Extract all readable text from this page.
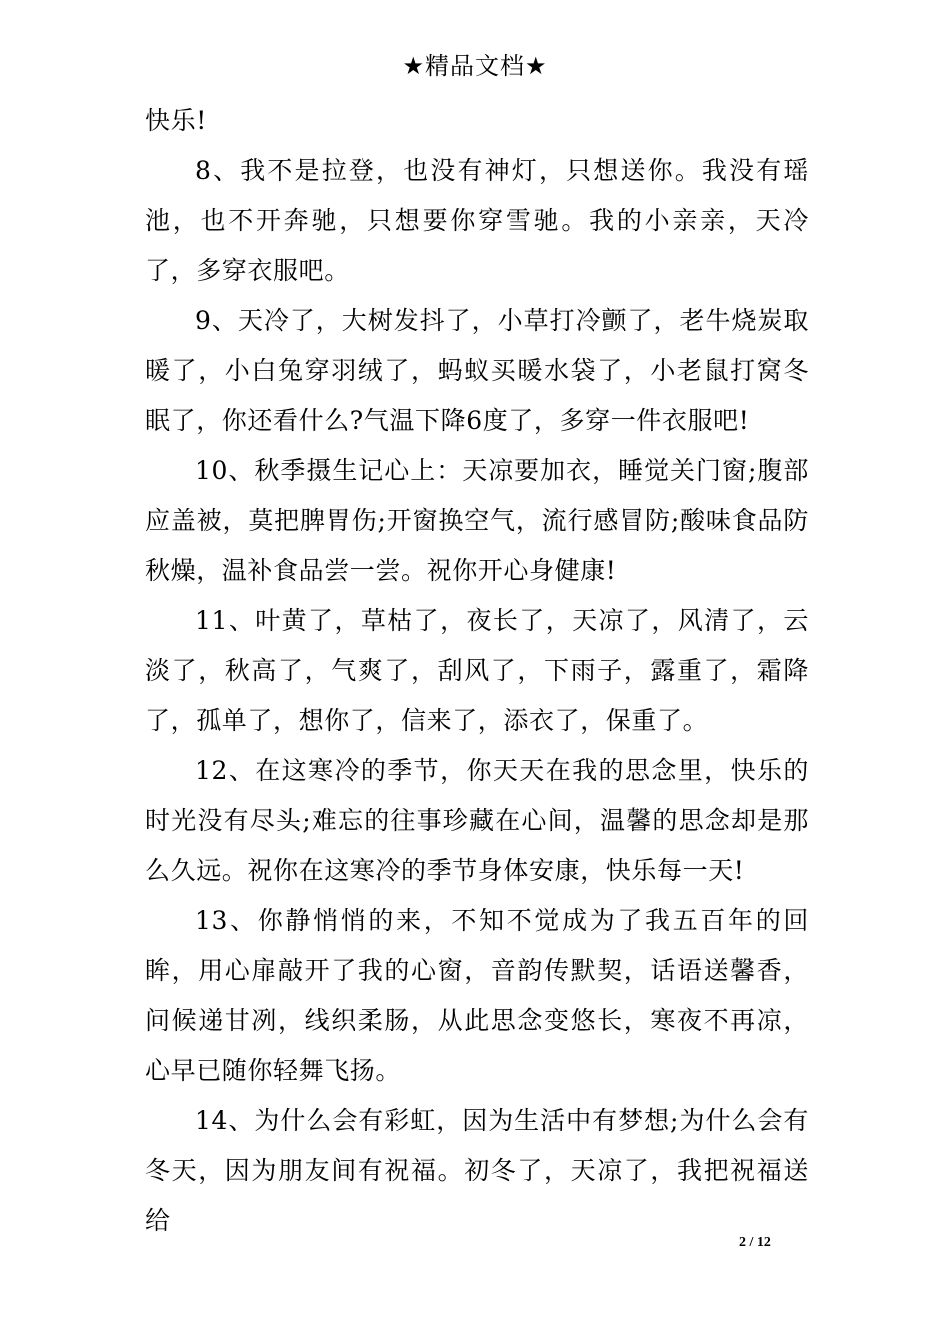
★精品文档★

快乐!

8、我不是拉登，也没有神灯，只想送你。我没有瑶池，也不开奔驰，只想要你穿雪驰。我的小亲亲，天冷了，多穿衣服吧。

9、天冷了，大树发抖了，小草打冷颤了，老牛烧炭取暖了，小白兔穿羽绒了，蚂蚁买暖水袋了，小老鼠打窝冬眠了，你还看什么?气温下降6度了，多穿一件衣服吧!

10、秋季摄生记心上：天凉要加衣，睡觉关门窗;腹部应盖被，莫把脾胃伤;开窗换空气，流行感冒防;酸味食品防秋燥，温补食品尝一尝。祝你开心身健康!

11、叶黄了，草枯了，夜长了，天凉了，风清了，云淡了，秋高了，气爽了，刮风了，下雨子，露重了，霜降了，孤单了，想你了，信来了，添衣了，保重了。

12、在这寒冷的季节，你天天在我的思念里，快乐的时光没有尽头;难忘的往事珍藏在心间，温馨的思念却是那么久远。祝你在这寒冷的季节身体安康，快乐每一天!

13、你静悄悄的来，不知不觉成为了我五百年的回眸，用心扉敲开了我的心窗，音韵传默契，话语送馨香，问候递甘冽，线织柔肠，从此思念变悠长，寒夜不再凉，心早已随你轻舞飞扬。

14、为什么会有彩虹，因为生活中有梦想;为什么会有冬天，因为朋友间有祝福。初冬了，天凉了，我把祝福送给

2 / 12
